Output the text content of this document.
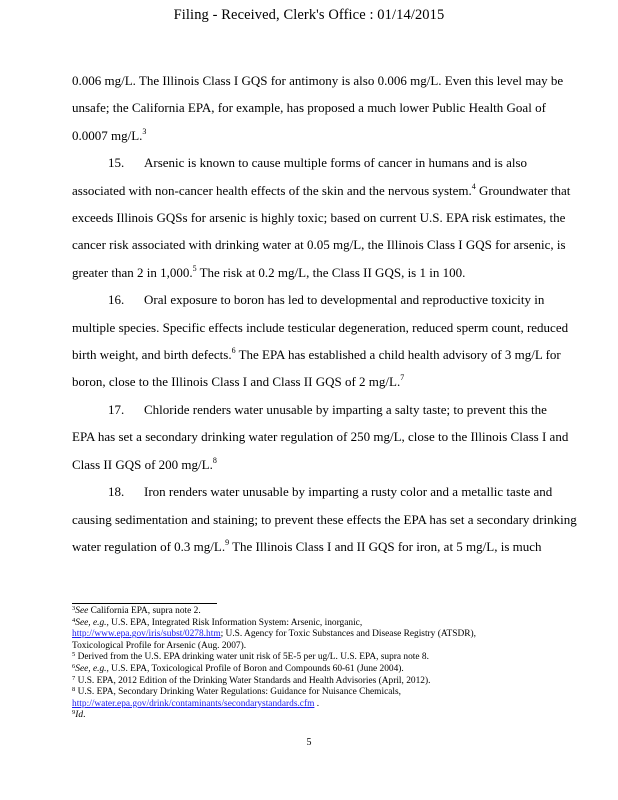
Filing - Received, Clerk's Office : 01/14/2015
0.006 mg/L. The Illinois Class I GQS for antimony is also 0.006 mg/L. Even this level may be
unsafe; the California EPA, for example, has proposed a much lower Public Health Goal of
0.0007 mg/L.$^3$
15. Arsenic is known to cause multiple forms of cancer in humans and is also
associated with non-cancer health effects of the skin and the nervous system.$^4$ Groundwater that
exceeds Illinois GQSs for arsenic is highly toxic; based on current U.S. EPA risk estimates, the
cancer risk associated with drinking water at 0.05 mg/L, the Illinois Class I GQS for arsenic, is
greater than 2 in 1,000.$^5$ The risk at 0.2 mg/L, the Class II GQS, is 1 in 100.
16. Oral exposure to boron has led to developmental and reproductive toxicity in
multiple species. Specific effects include testicular degeneration, reduced sperm count, reduced
birth weight, and birth defects.$^6$ The EPA has established a child health advisory of 3 mg/L for
boron, close to the Illinois Class I and Class II GQS of 2 mg/L.$^7$
17. Chloride renders water unusable by imparting a salty taste; to prevent this the
EPA has set a secondary drinking water regulation of 250 mg/L, close to the Illinois Class I and
Class II GQS of 200 mg/L.$^8$
18. Iron renders water unusable by imparting a rusty color and a metallic taste and
causing sedimentation and staining; to prevent these effects the EPA has set a secondary drinking
water regulation of 0.3 mg/L.$^9$ The Illinois Class I and II GQS for iron, at 5 mg/L, is much
$^3$See California EPA, supra note 2.
$^4$See, e.g., U.S. EPA, Integrated Risk Information System: Arsenic, inorganic,
http://www.epa.gov/iris/subst/0278.htm; U.S. Agency for Toxic Substances and Disease Registry (ATSDR),
Toxicological Profile for Arsenic (Aug. 2007).
$^5$ Derived from the U.S. EPA drinking water unit risk of 5E-5 per ug/L. U.S. EPA, supra note 8.
$^6$See, e.g., U.S. EPA, Toxicological Profile of Boron and Compounds 60-61 (June 2004).
$^7$ U.S. EPA, 2012 Edition of the Drinking Water Standards and Health Advisories (April, 2012).
$^8$ U.S. EPA, Secondary Drinking Water Regulations: Guidance for Nuisance Chemicals,
http://water.epa.gov/drink/contaminants/secondarystandards.cfm .
$^9$Id.
5
